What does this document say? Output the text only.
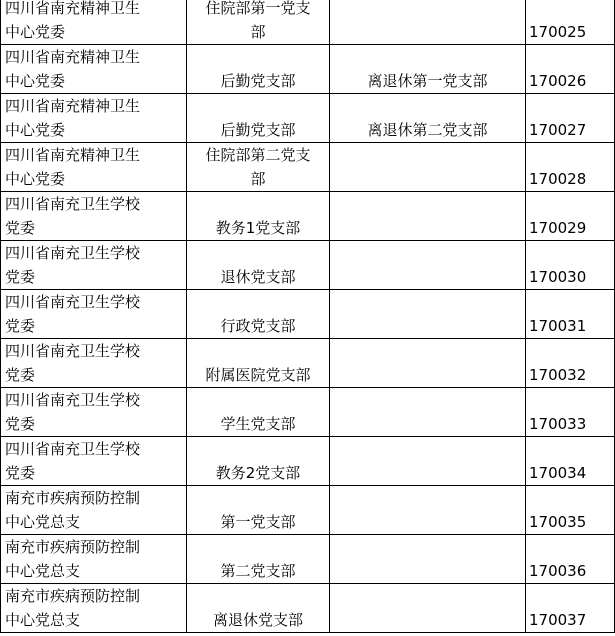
四川省南充精神卫生
中心党委	住院部第一党支
部		170025
四川省南充精神卫生
中心党委	后勤党支部	离退休第一党支部	170026
四川省南充精神卫生
中心党委	后勤党支部	离退休第二党支部	170027
四川省南充精神卫生
中心党委	住院部第二党支
部		170028
四川省南充卫生学校
党委	教务1党支部		170029
四川省南充卫生学校
党委	退休党支部		170030
四川省南充卫生学校
党委	行政党支部		170031
四川省南充卫生学校
党委	附属医院党支部		170032
四川省南充卫生学校
党委	学生党支部		170033
四川省南充卫生学校
党委	教务2党支部		170034
南充市疾病预防控制
中心党总支	第一党支部		170035
南充市疾病预防控制
中心党总支	第二党支部		170036
南充市疾病预防控制
中心党总支	离退休党支部		170037
